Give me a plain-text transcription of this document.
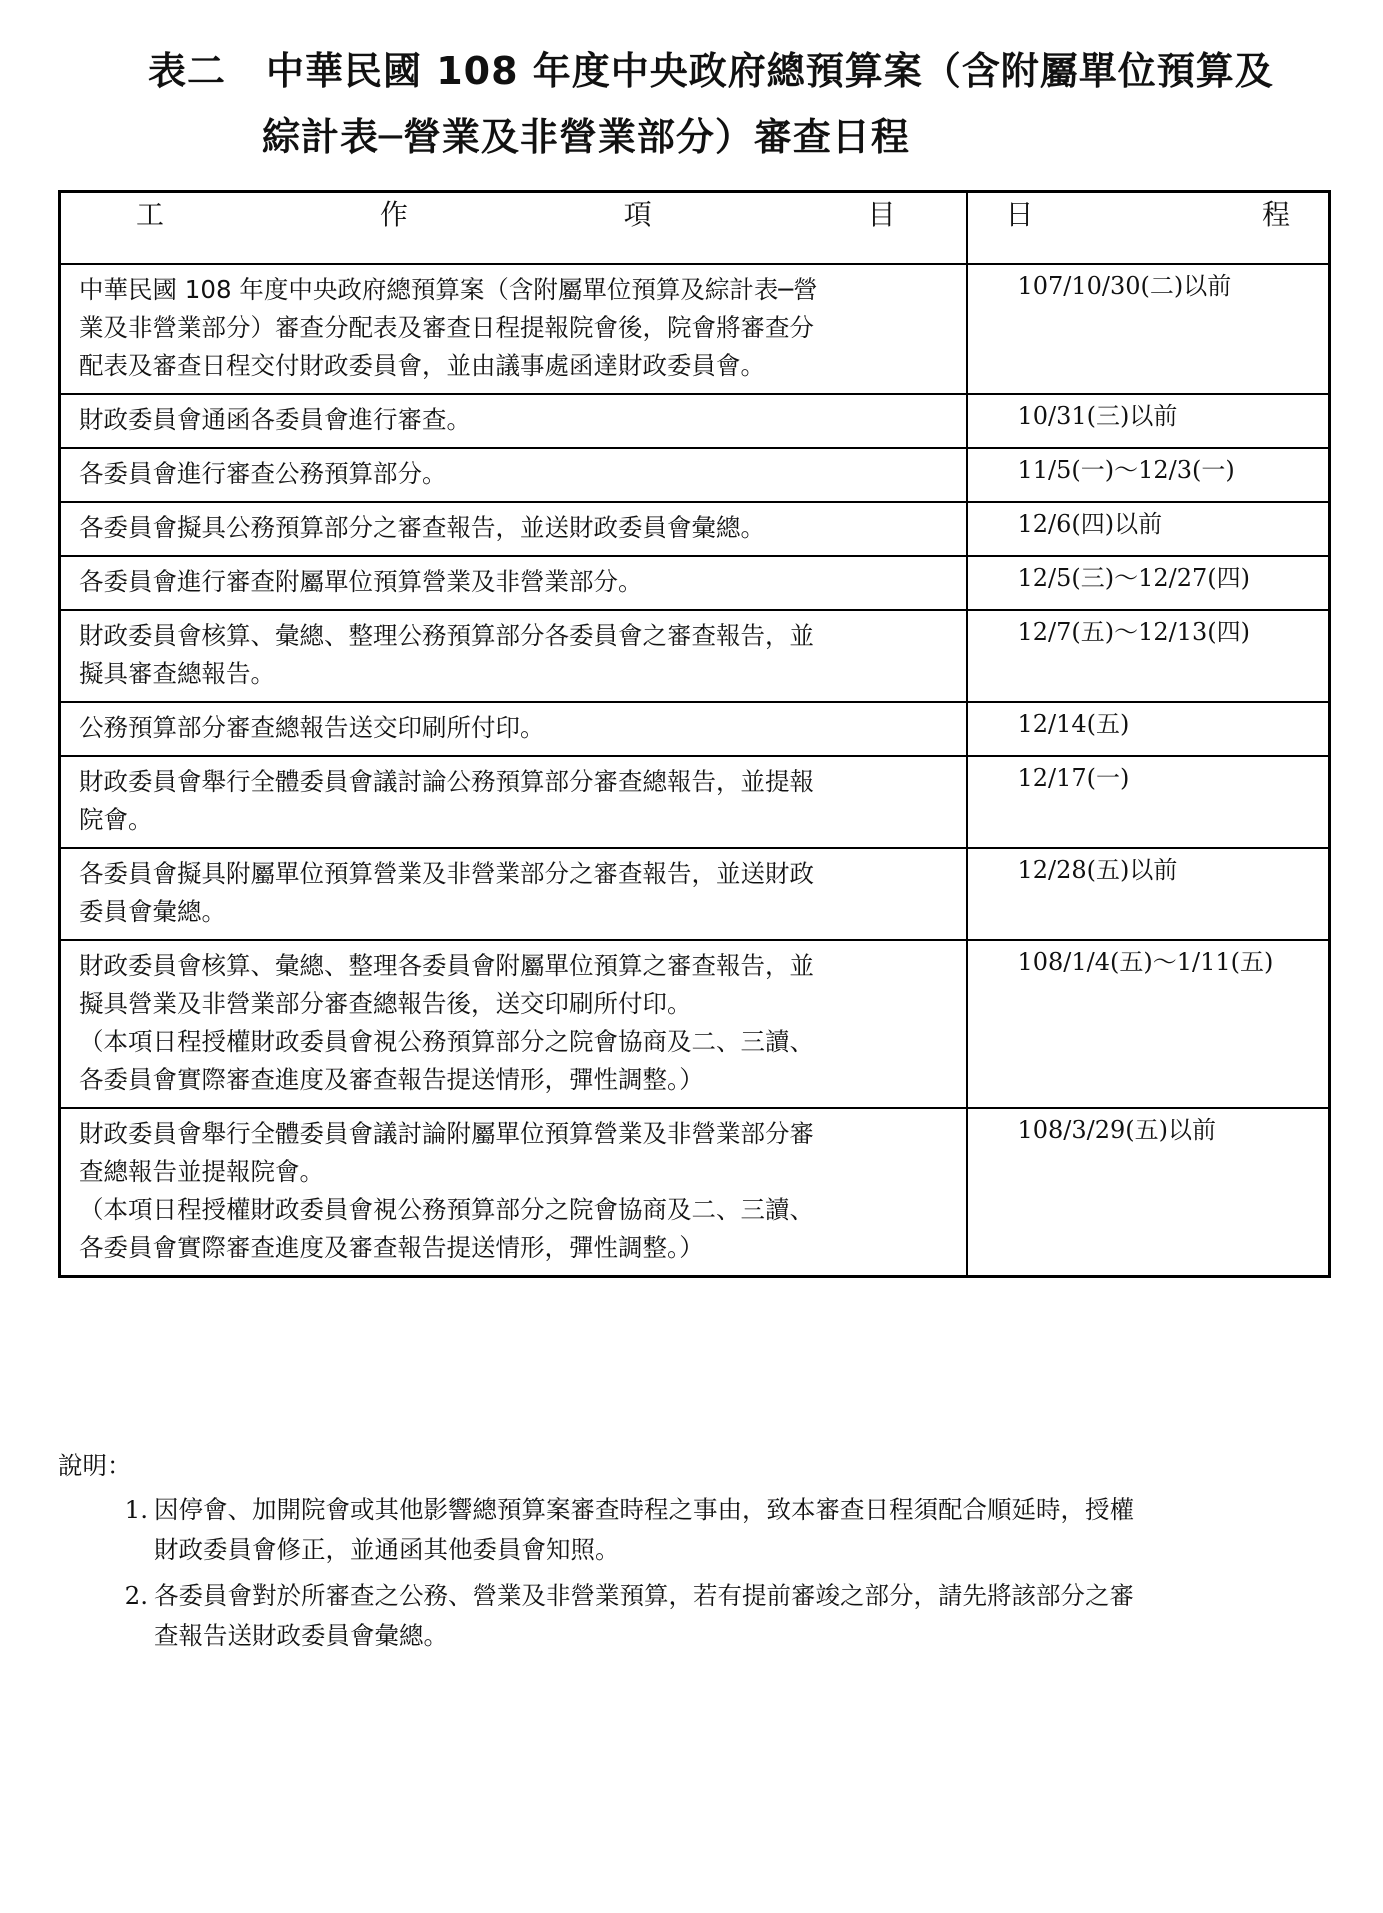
表二 中華民國 108 年度中央政府總預算案（含附屬單位預算及
綜計表─營業及非營業部分）審查日程
工 作 項 目	日 程

中華民國 108 年度中央政府總預算案（含附屬單位預算及綜計表─營
業及非營業部分）審查分配表及審查日程提報院會後，院會將審查分
配表及審查日程交付財政委員會，並由議事處函達財政委員會。	107/10/30(二)以前

財政委員會通函各委員會進行審查。	10/31(三)以前

各委員會進行審查公務預算部分。	11/5(一)～12/3(一)

各委員會擬具公務預算部分之審查報告，並送財政委員會彙總。	12/6(四)以前

各委員會進行審查附屬單位預算營業及非營業部分。	12/5(三)～12/27(四)

財政委員會核算、彙總、整理公務預算部分各委員會之審查報告，並
擬具審查總報告。	12/7(五)～12/13(四)

公務預算部分審查總報告送交印刷所付印。	12/14(五)

財政委員會舉行全體委員會議討論公務預算部分審查總報告，並提報
院會。	12/17(一)

各委員會擬具附屬單位預算營業及非營業部分之審查報告，並送財政
委員會彙總。	12/28(五)以前

財政委員會核算、彙總、整理各委員會附屬單位預算之審查報告，並
擬具營業及非營業部分審查總報告後，送交印刷所付印。
（本項日程授權財政委員會視公務預算部分之院會協商及二、三讀、
各委員會實際審查進度及審查報告提送情形，彈性調整。）	108/1/4(五)～1/11(五)

財政委員會舉行全體委員會議討論附屬單位預算營業及非營業部分審
查總報告並提報院會。
（本項日程授權財政委員會視公務預算部分之院會協商及二、三讀、
各委員會實際審查進度及審查報告提送情形，彈性調整。）	108/3/29(五)以前
說明：
1. 因停會、加開院會或其他影響總預算案審查時程之事由，致本審查日程須配合順延時，授權
財政委員會修正，並通函其他委員會知照。
2. 各委員會對於所審查之公務、營業及非營業預算，若有提前審竣之部分，請先將該部分之審
查報告送財政委員會彙總。
